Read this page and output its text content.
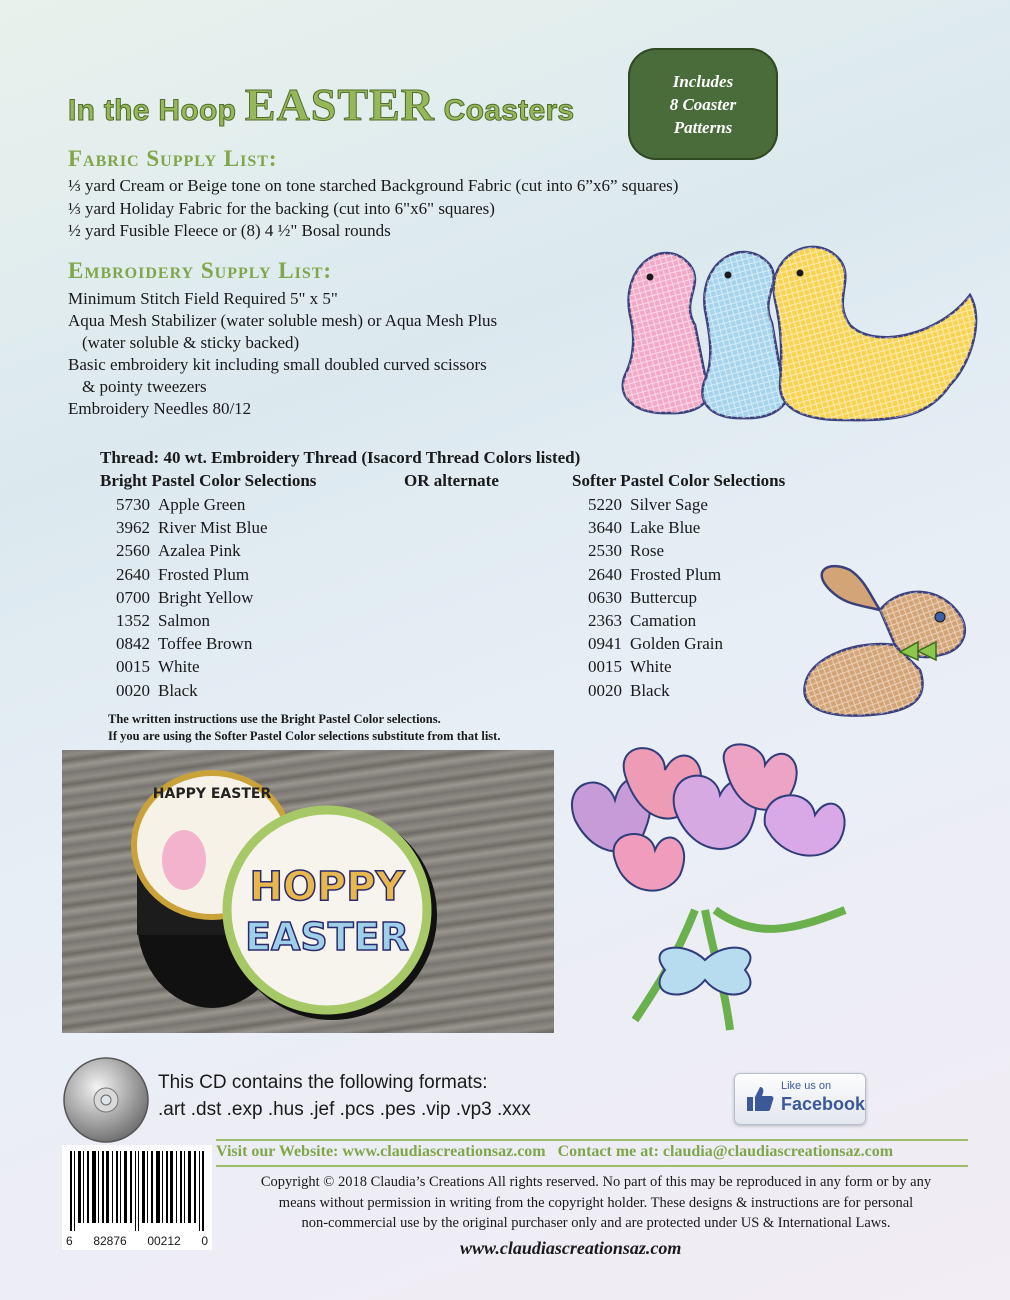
In the Hoop EASTER Coasters
Includes
8 Coaster
Patterns
Fabric Supply List:
⅓ yard Cream or Beige tone on tone starched Background Fabric (cut into 6”x6” squares)
⅓ yard Holiday Fabric for the backing (cut into 6"x6" squares)
½ yard Fusible Fleece or (8) 4 ½" Bosal rounds
Embroidery Supply List:
Minimum Stitch Field Required 5" x 5"
Aqua Mesh Stabilizer (water soluble mesh) or Aqua Mesh Plus
(water soluble & sticky backed)
Basic embroidery kit including small doubled curved scissors
& pointy tweezers
Embroidery Needles 80/12
Thread: 40 wt. Embroidery Thread (Isacord Thread Colors listed)
Bright Pastel Color Selections	OR alternate	Softer Pastel Color Selections
5730 Apple Green
3962 River Mist Blue
2560 Azalea Pink
2640 Frosted Plum
0700 Bright Yellow
1352 Salmon
0842 Toffee Brown
0015 White
0020 Black
5220 Silver Sage
3640 Lake Blue
2530 Rose
2640 Frosted Plum
0630 Buttercup
2363 Camation
0941 Golden Grain
0015 White
0020 Black
The written instructions use the Bright Pastel Color selections.
If you are using the Softer Pastel Color selections substitute from that list.
HAPPY EASTER
HOPPY
EASTER
This CD contains the following formats:
.art .dst .exp .hus .jef .pcs .pes .vip .vp3 .xxx
Like us on
Facebook
6 82876 00212 0
Visit our Website: www.claudiascreationsaz.com Contact me at: claudia@claudiascreationsaz.com
Copyright © 2018 Claudia’s Creations All rights reserved. No part of this may be reproduced in any form or by any
means without permission in writing from the copyright holder. These designs & instructions are for personal
non-commercial use by the original purchaser only and are protected under US & International Laws.
www.claudiascreationsaz.com
